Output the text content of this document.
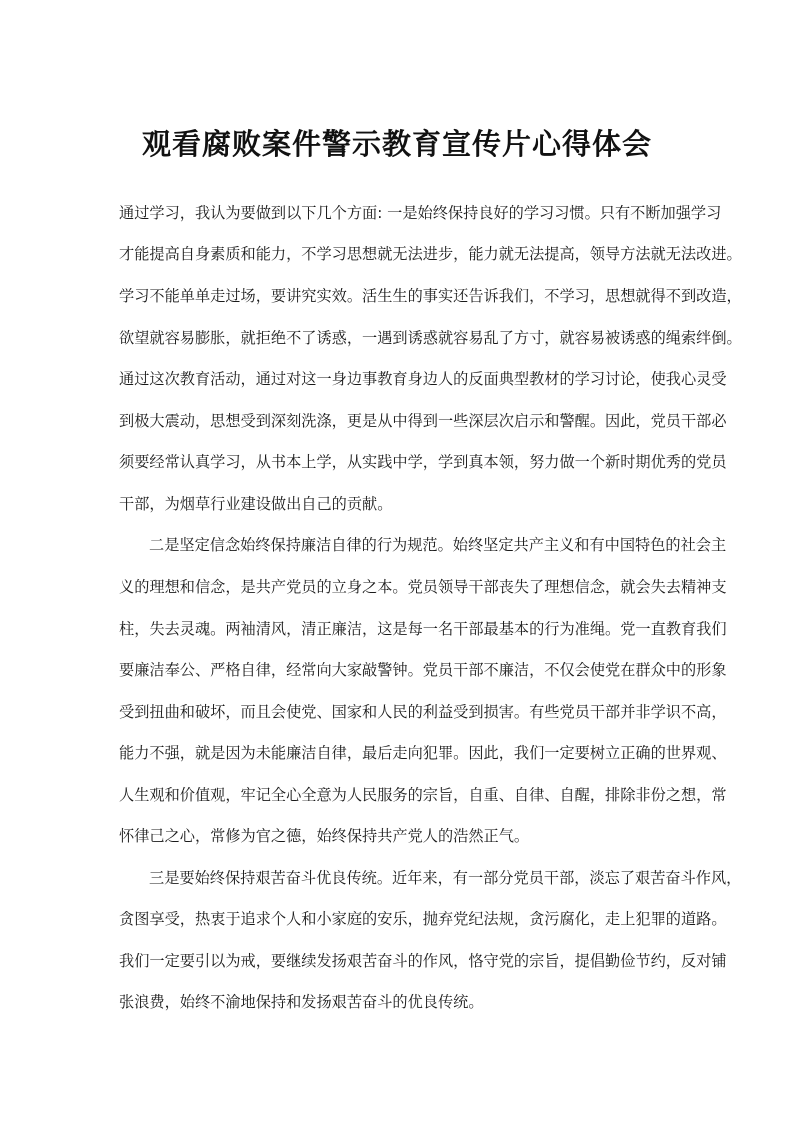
观看腐败案件警示教育宣传片心得体会

通过学习，我认为要做到以下几个方面: 一是始终保持良好的学习习惯。只有不断加强学习

才能提高自身素质和能力，不学习思想就无法进步，能力就无法提高，领导方法就无法改进。

学习不能单单走过场，要讲究实效。活生生的事实还告诉我们，不学习，思想就得不到改造，

欲望就容易膨胀，就拒绝不了诱惑，一遇到诱惑就容易乱了方寸，就容易被诱惑的绳索绊倒。

通过这次教育活动，通过对这一身边事教育身边人的反面典型教材的学习讨论，使我心灵受

到极大震动，思想受到深刻洗涤，更是从中得到一些深层次启示和警醒。因此，党员干部必

须要经常认真学习，从书本上学，从实践中学，学到真本领，努力做一个新时期优秀的党员

干部，为烟草行业建设做出自己的贡献。

二是坚定信念始终保持廉洁自律的行为规范。始终坚定共产主义和有中国特色的社会主

义的理想和信念，是共产党员的立身之本。党员领导干部丧失了理想信念，就会失去精神支

柱，失去灵魂。两袖清风，清正廉洁，这是每一名干部最基本的行为准绳。党一直教育我们

要廉洁奉公、严格自律，经常向大家敲警钟。党员干部不廉洁，不仅会使党在群众中的形象

受到扭曲和破坏，而且会使党、国家和人民的利益受到损害。有些党员干部并非学识不高，

能力不强，就是因为未能廉洁自律，最后走向犯罪。因此，我们一定要树立正确的世界观、

人生观和价值观，牢记全心全意为人民服务的宗旨，自重、自律、自醒，排除非份之想，常

怀律己之心，常修为官之德，始终保持共产党人的浩然正气。

三是要始终保持艰苦奋斗优良传统。近年来，有一部分党员干部，淡忘了艰苦奋斗作风，

贪图享受，热衷于追求个人和小家庭的安乐，抛弃党纪法规，贪污腐化，走上犯罪的道路。

我们一定要引以为戒，要继续发扬艰苦奋斗的作风，恪守党的宗旨，提倡勤俭节约，反对铺

张浪费，始终不渝地保持和发扬艰苦奋斗的优良传统。
